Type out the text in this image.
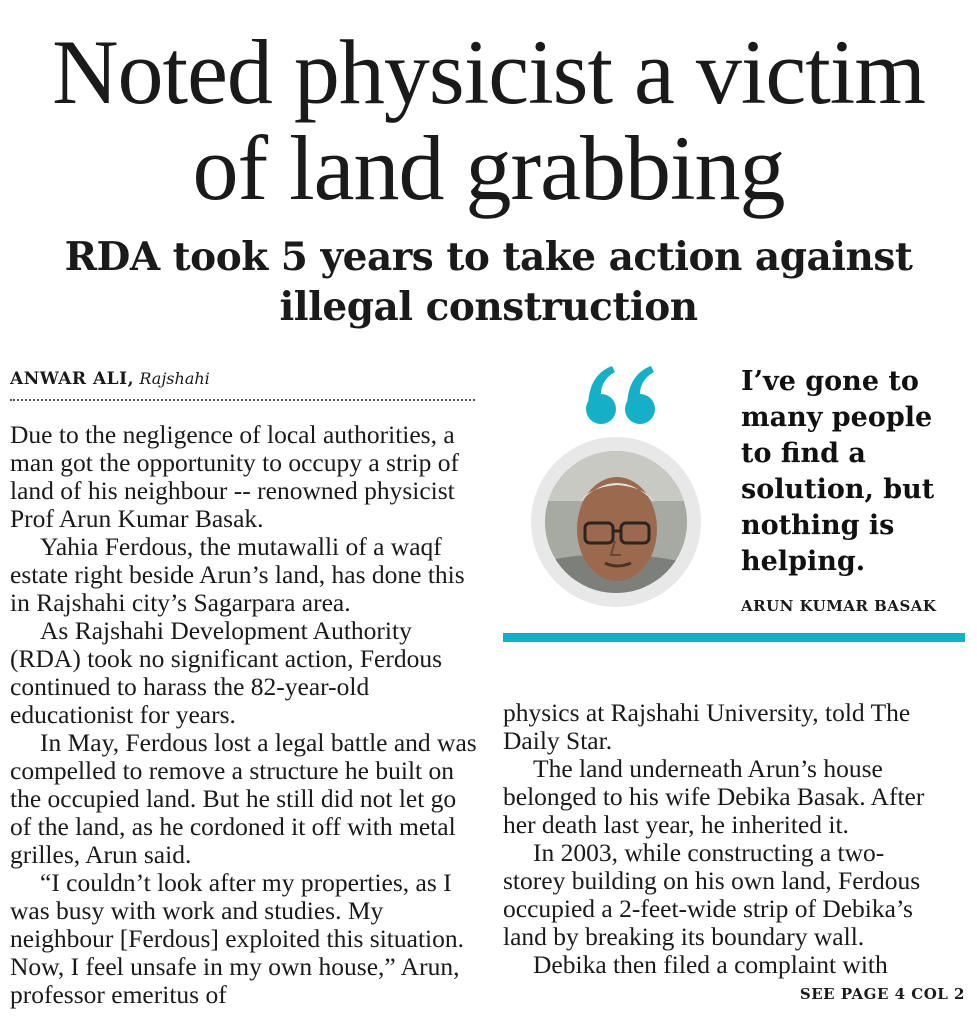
Noted physicist a victim
of land grabbing
RDA took 5 years to take action against
illegal construction
ANWAR ALI, Rajshahi

Due to the negligence of local authorities, a man got the opportunity to occupy a strip of land of his neighbour -- renowned physicist Prof Arun Kumar Basak.

Yahia Ferdous, the mutawalli of a waqf estate right beside Arun’s land, has done this in Rajshahi city’s Sagarpara area.

As Rajshahi Development Authority (RDA) took no significant action, Ferdous continued to harass the 82-year-old educationist for years.

In May, Ferdous lost a legal battle and was compelled to remove a structure he built on the occupied land. But he still did not let go of the land, as he cordoned it off with metal grilles, Arun said.

“I couldn’t look after my properties, as I was busy with work and studies. My neighbour [Ferdous] exploited this situation. Now, I feel unsafe in my own house,” Arun, professor emeritus of

I’ve gone to many people to find a solution, but nothing is helping.
ARUN KUMAR BASAK

physics at Rajshahi University, told The Daily Star.

The land underneath Arun’s house belonged to his wife Debika Basak. After her death last year, he inherited it.

In 2003, while constructing a two-storey building on his own land, Ferdous occupied a 2-feet-wide strip of Debika’s land by breaking its boundary wall.

Debika then filed a complaint with

SEE PAGE 4 COL 2
